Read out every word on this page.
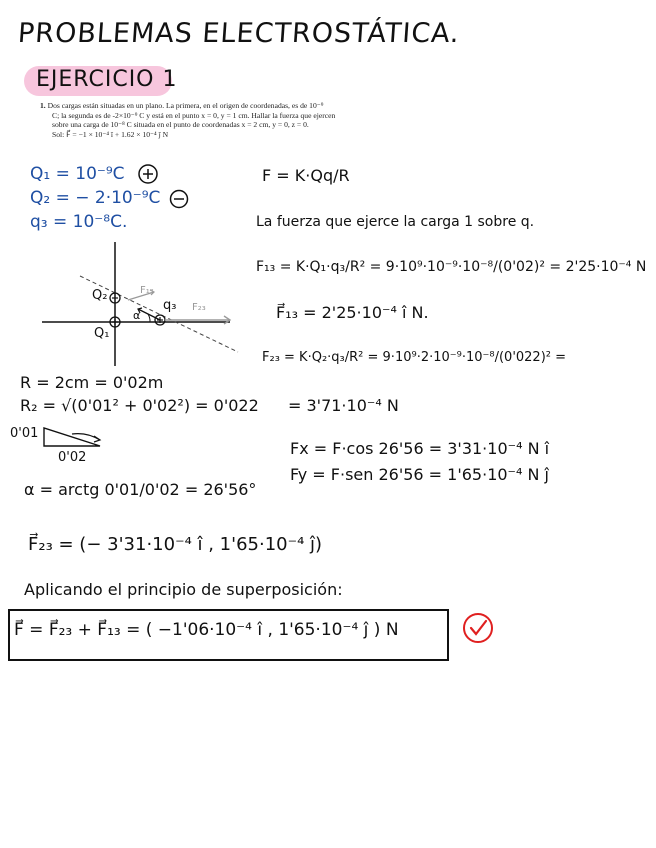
PROBLEMAS ELECTROSTÁTICA.
EJERCICIO 1

1. Dos cargas están situadas en un plano. La primera, en el origen de coordenadas, es de 10⁻⁹

C; la segunda es de -2×10⁻⁹ C y está en el punto x = 0, y = 1 cm. Hallar la fuerza que ejercen

sobre una carga de 10⁻⁸ C situada en el punto de coordenadas x = 2 cm, y = 0, z = 0.

Sol: F⃗ = −1 × 10⁻⁴ î + 1.62 × 10⁻⁴ ĵ N

Q₁ = 10⁻⁹C
Q₂ = − 2·10⁻⁹C
q₃ = 10⁻⁸C.
Q₂
Q₁
q₃
F₁₃
F₂₃
α
R = 2cm = 0'02m
R₂ = √(0'01² + 0'02²) = 0'022
0'01
0'02
α = arctg 0'01/0'02 = 26'56°
F = K·Qq/R
La fuerza que ejerce la carga 1 sobre q.
F₁₃ = K·Q₁·q₃/R² = 9·10⁹·10⁻⁹·10⁻⁸/(0'02)² = 2'25·10⁻⁴ N
F⃗₁₃ = 2'25·10⁻⁴ î N.
F₂₃ = K·Q₂·q₃/R² = 9·10⁹·2·10⁻⁹·10⁻⁸/(0'022)² =
= 3'71·10⁻⁴ N
Fx = F·cos 26'56 = 3'31·10⁻⁴ N î
Fy = F·sen 26'56 = 1'65·10⁻⁴ N ĵ
F⃗₂₃ = (− 3'31·10⁻⁴ î , 1'65·10⁻⁴ ĵ)
Aplicando el principio de superposición:
F⃗ = F⃗₂₃ + F⃗₁₃ = ( −1'06·10⁻⁴ î , 1'65·10⁻⁴ ĵ ) N
